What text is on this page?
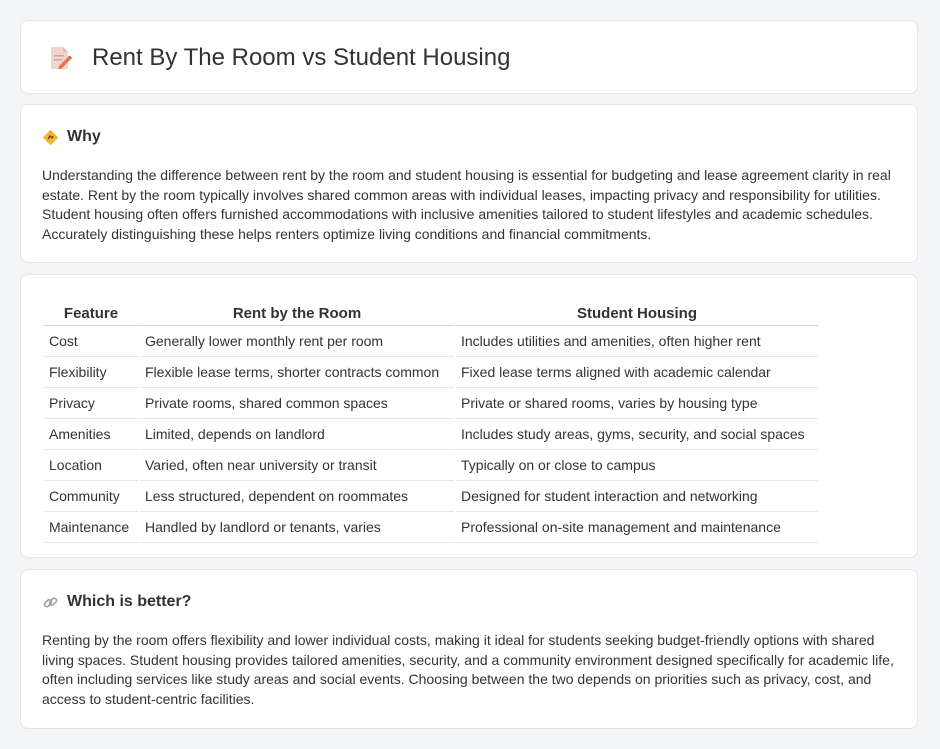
Rent By The Room vs Student Housing
Why

Understanding the difference between rent by the room and student housing is essential for budgeting and lease agreement clarity in real estate. Rent by the room typically involves shared common areas with individual leases, impacting privacy and responsibility for utilities. Student housing often offers furnished accommodations with inclusive amenities tailored to student lifestyles and academic schedules. Accurately distinguishing these helps renters optimize living conditions and financial commitments.

Feature	Rent by the Room	Student Housing
Cost	Generally lower monthly rent per room	Includes utilities and amenities, often higher rent
Flexibility	Flexible lease terms, shorter contracts common	Fixed lease terms aligned with academic calendar
Privacy	Private rooms, shared common spaces	Private or shared rooms, varies by housing type
Amenities	Limited, depends on landlord	Includes study areas, gyms, security, and social spaces
Location	Varied, often near university or transit	Typically on or close to campus
Community	Less structured, dependent on roommates	Designed for student interaction and networking
Maintenance	Handled by landlord or tenants, varies	Professional on-site management and maintenance
Which is better?

Renting by the room offers flexibility and lower individual costs, making it ideal for students seeking budget-friendly options with shared living spaces. Student housing provides tailored amenities, security, and a community environment designed specifically for academic life, often including services like study areas and social events. Choosing between the two depends on priorities such as privacy, cost, and access to student-centric facilities.
